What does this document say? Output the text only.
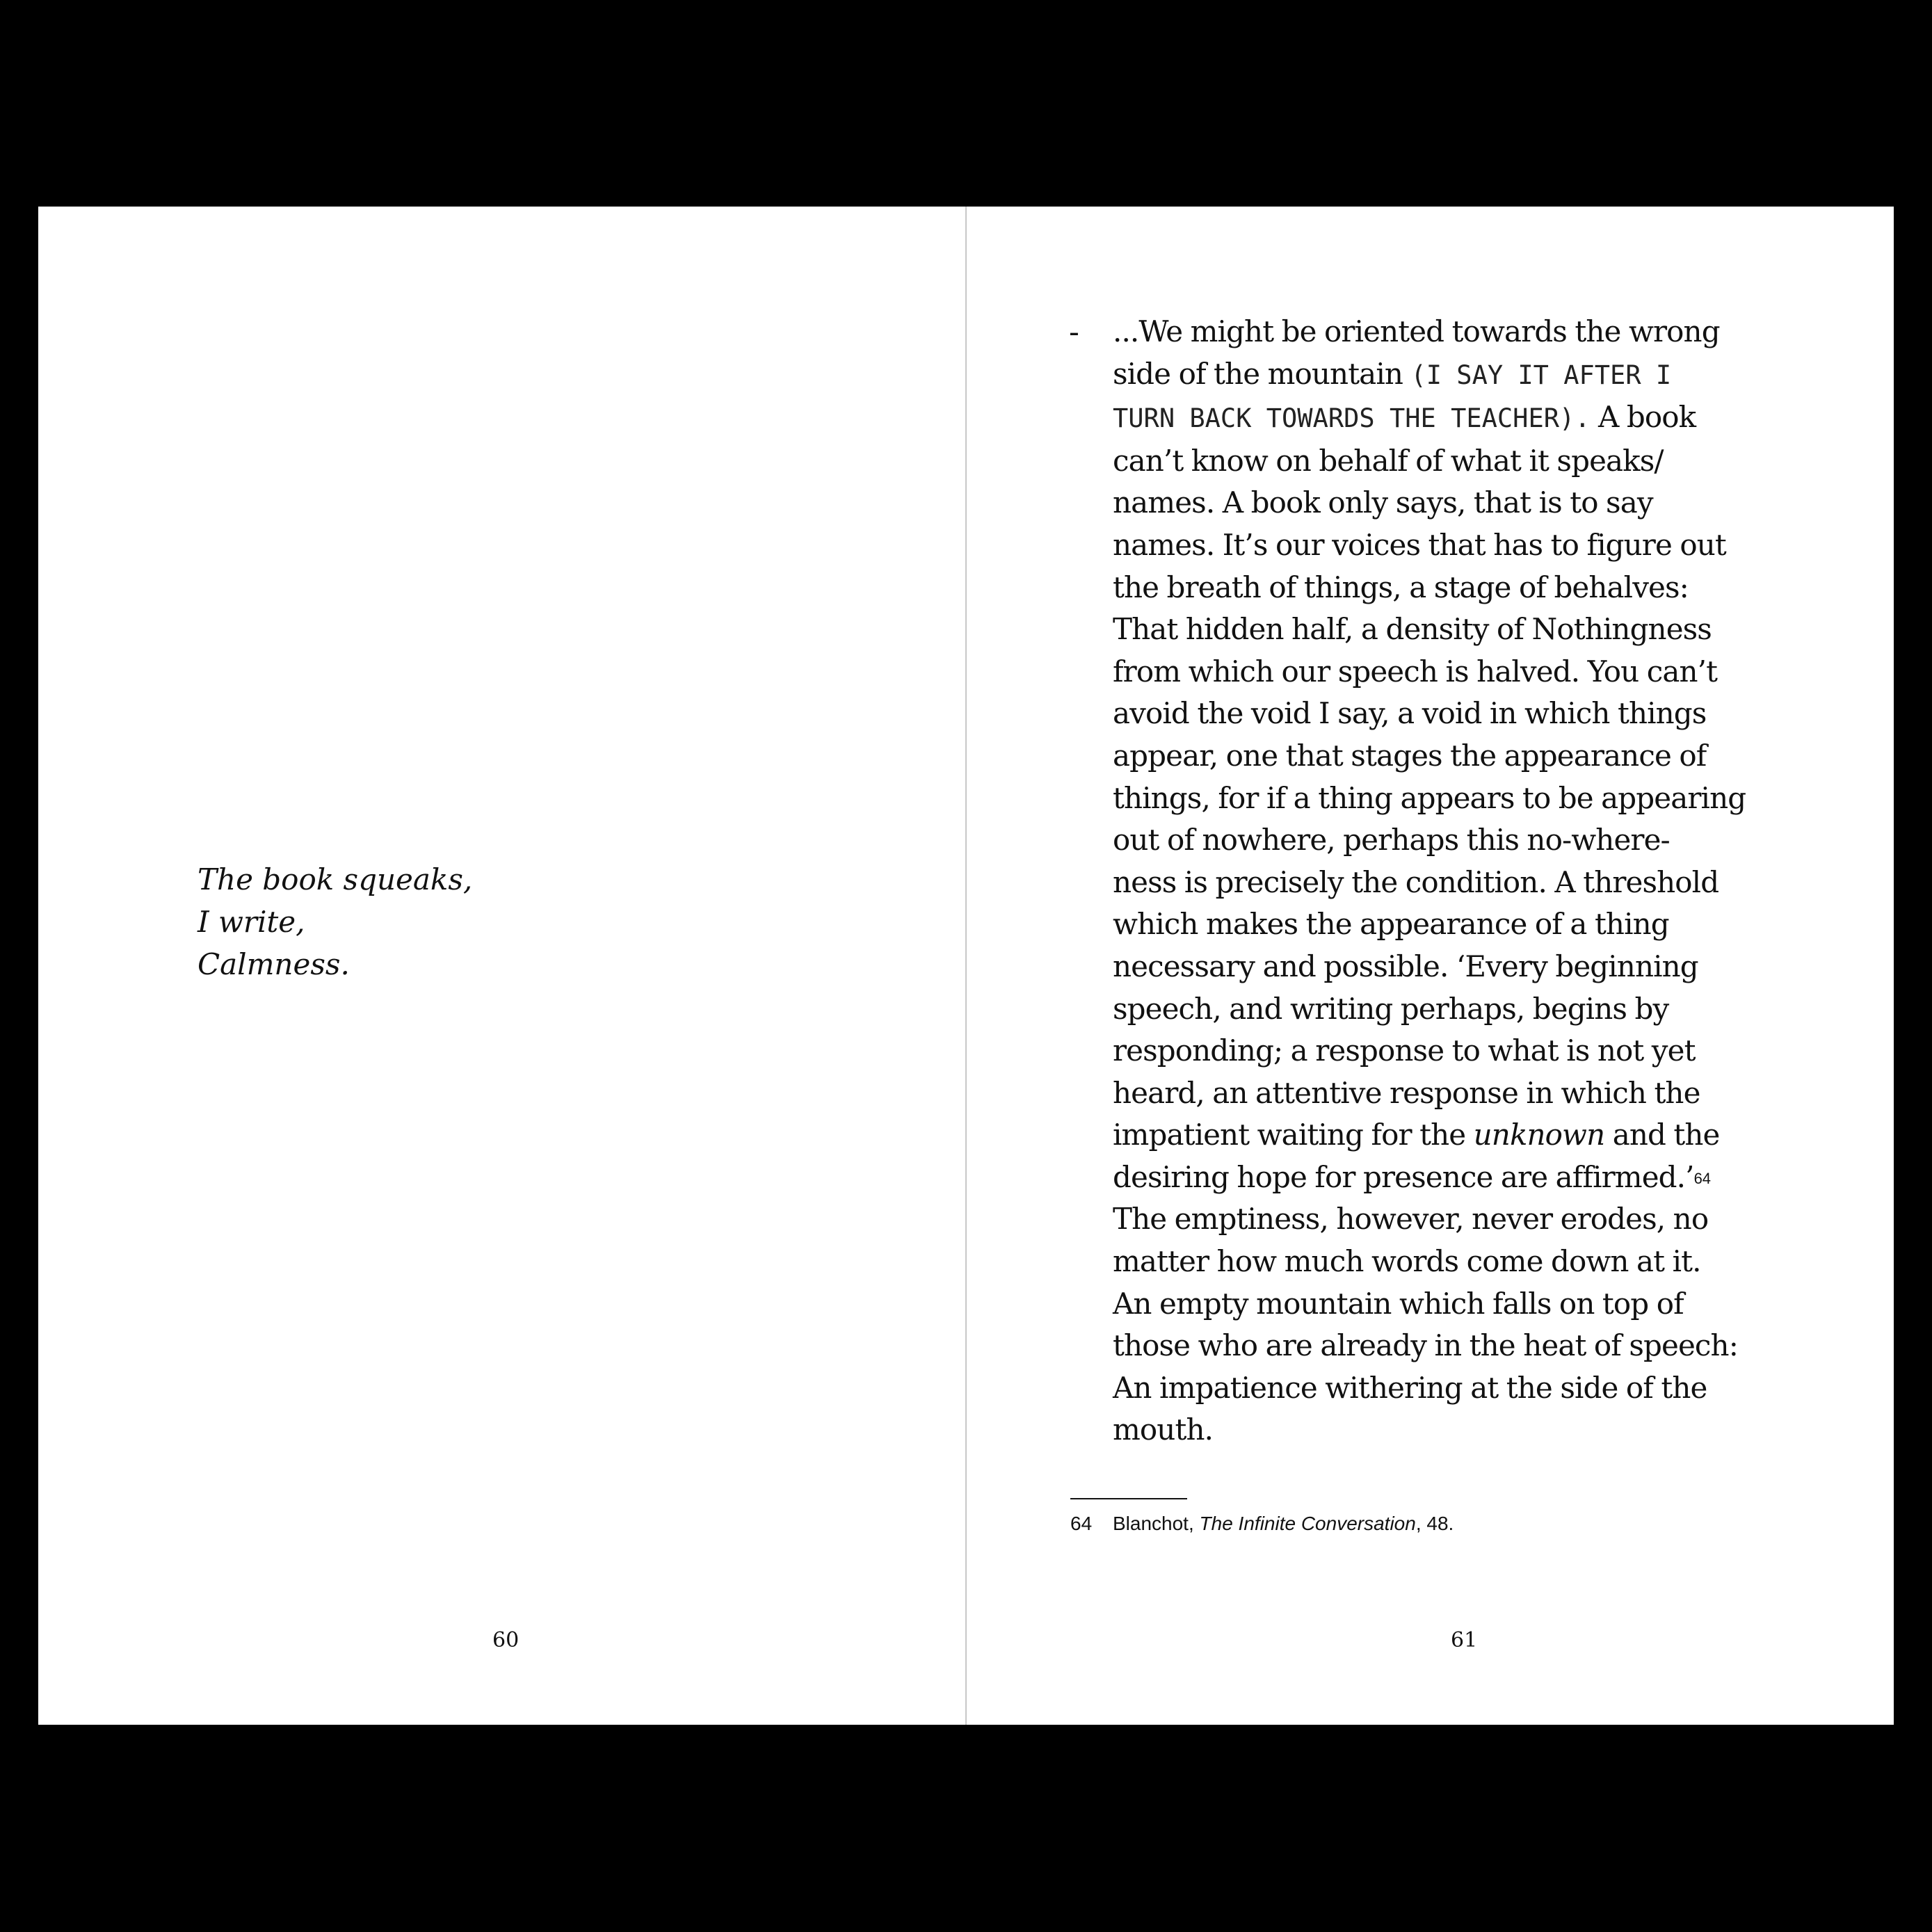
The book squeaks,
I write,
Calmness.
60
- ...We might be oriented towards the wrong
side of the mountain (I SAY IT AFTER I
TURN BACK TOWARDS THE TEACHER). A book
can’t know on behalf of what it speaks/
names. A book only says, that is to say
names. It’s our voices that has to figure out
the breath of things, a stage of behalves:
That hidden half, a density of Nothingness
from which our speech is halved. You can’t
avoid the void I say, a void in which things
appear, one that stages the appearance of
things, for if a thing appears to be appearing
out of nowhere, perhaps this no-where-
ness is precisely the condition. A threshold
which makes the appearance of a thing
necessary and possible. ‘Every beginning
speech, and writing perhaps, begins by
responding; a response to what is not yet
heard, an attentive response in which the
impatient waiting for the unknown and the
desiring hope for presence are affirmed.’$^{64}$
The emptiness, however, never erodes, no
matter how much words come down at it.
An empty mountain which falls on top of
those who are already in the heat of speech:
An impatience withering at the side of the
mouth.
64 Blanchot, The Infinite Conversation, 48.
61
